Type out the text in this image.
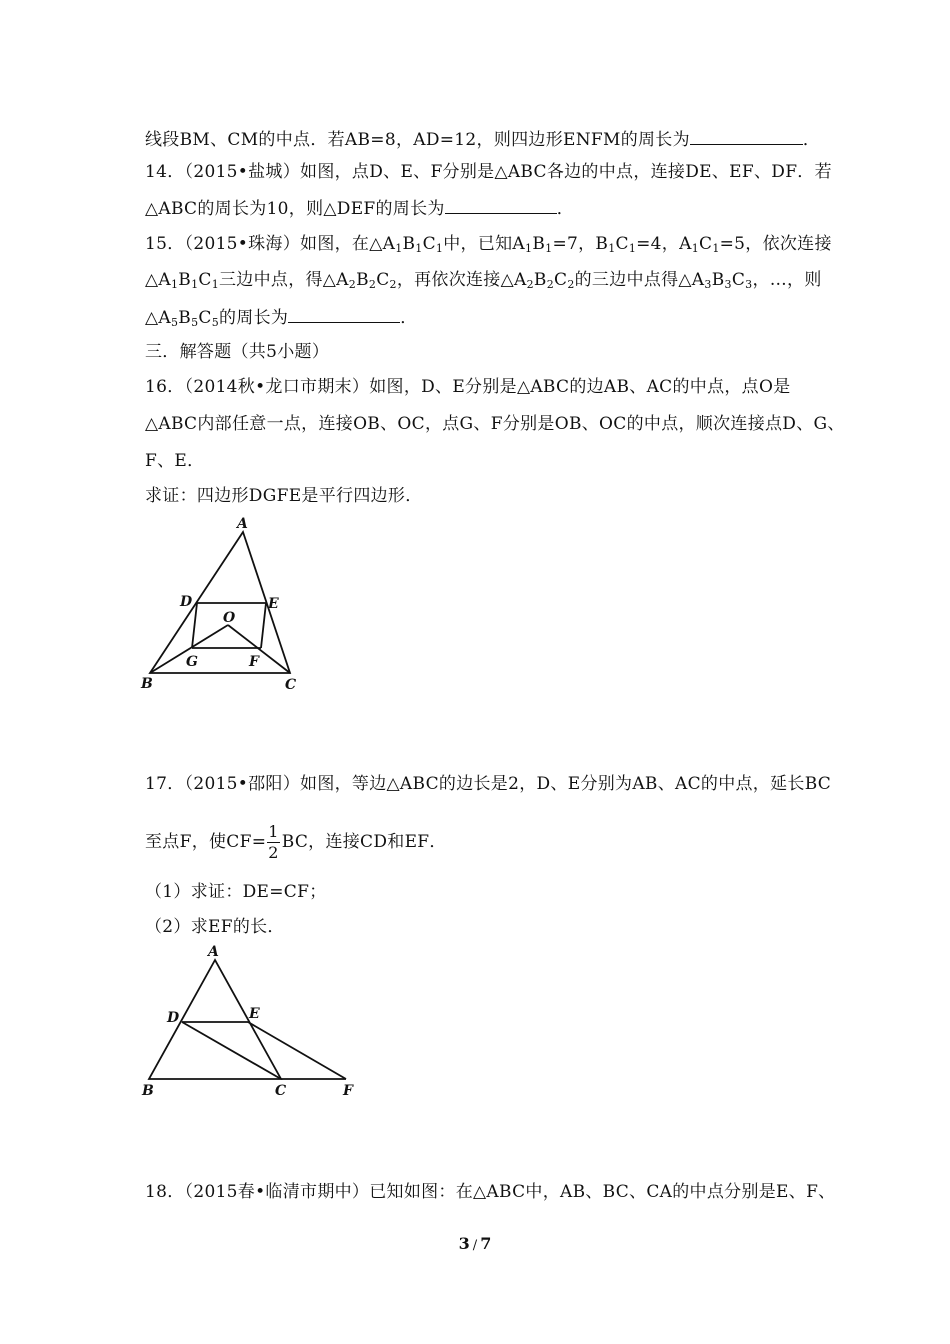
线段BM、CM的中点．若AB=8，AD=12，则四边形ENFM的周长为	．
14．（2015•盐城）如图，点D、E、F分别是△ABC各边的中点，连接DE、EF、DF．若
△ABC的周长为10，则△DEF的周长为	．
15．（2015•珠海）如图，在$\triangle A_1B_1C_1$中，已知$A_1B_1=7$，$B_1C_1=4$，$A_1C_1=5$，依次连接
$\triangle A_1B_1C_1$三边中点，得$\triangle A_2B_2C_2$，再依次连接$\triangle A_2B_2C_2$的三边中点得$\triangle A_3B_3C_3$，…，则
$\triangle A_5B_5C_5$的周长为	．
三．解答题（共5小题）
16．（2014秋•龙口市期末）如图，D、E分别是△ABC的边AB、AC的中点，点O是
△ABC内部任意一点，连接OB、OC，点G、F分别是OB、OC的中点，顺次连接点D、G、
F、E．
求证：四边形DGFE是平行四边形．
A
B	C
D	E
O
G	F
17．（2015•邵阳）如图，等边△ABC的边长是2，D、E分别为AB、AC的中点，延长BC
至点F，使$CF= \frac{1}{2}$ BC，连接CD和EF．
（1）求证：DE=CF；
（2）求EF的长．
A
B	C
D	E
F
18．（2015春•临清市期中）已知如图：在△ABC中，AB、BC、CA的中点分别是E、F、
3 / 7
